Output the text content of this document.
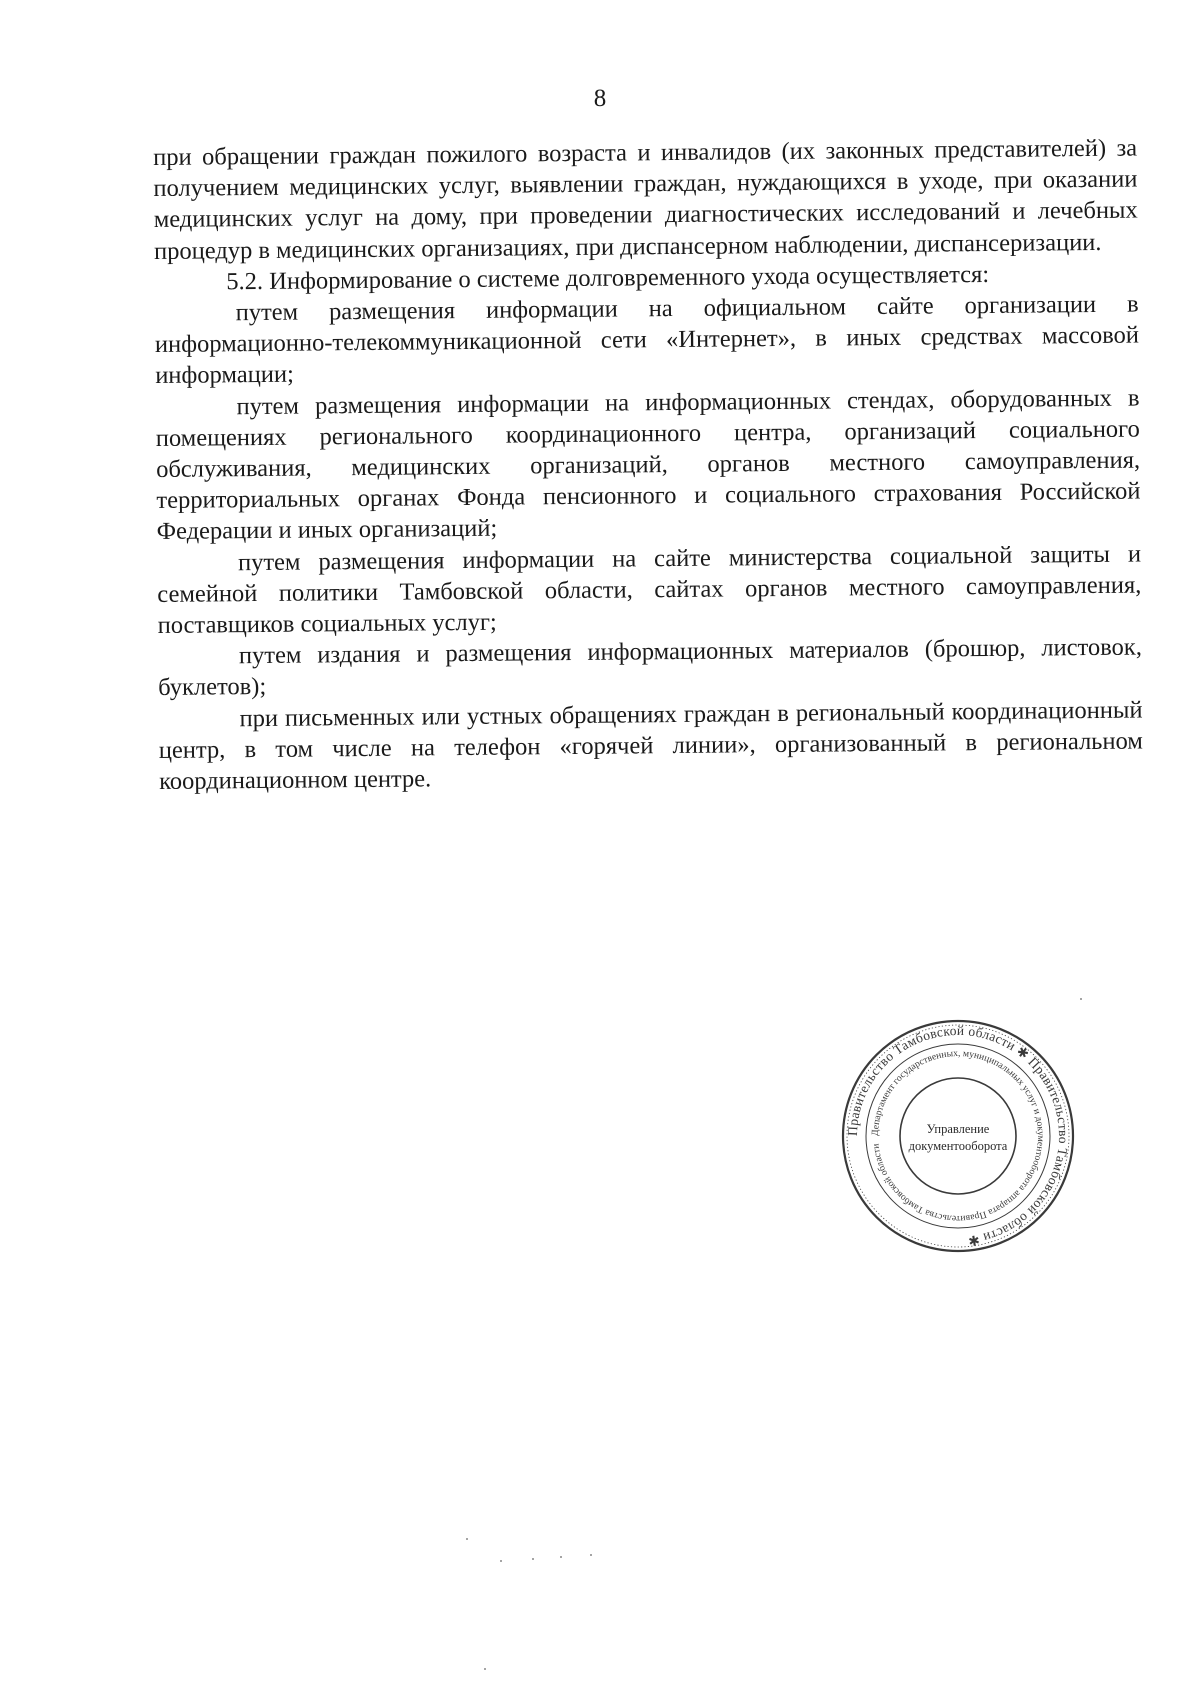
8

при обращении граждан пожилого возраста и инвалидов (их законных представителей) за получением медицинских услуг, выявлении граждан, нуждающихся в уходе, при оказании медицинских услуг на дому, при проведении диагностических исследований и лечебных процедур в медицинских организациях, при диспансерном наблюдении, диспансеризации.

5.2. Информирование о системе долговременного ухода осуществляется:

путем размещения информации на официальном сайте организации в информационно-телекоммуникационной сети «Интернет», в иных средствах массовой информации;

путем размещения информации на информационных стендах, оборудованных в помещениях регионального координационного центра, организаций социального обслуживания, медицинских организаций, органов местного самоуправления, территориальных органах Фонда пенсионного и социального страхования Российской Федерации и иных организаций;

путем размещения информации на сайте министерства социальной защиты и семейной политики Тамбовской области, сайтах органов местного самоуправления, поставщиков социальных услуг;

путем издания и размещения информационных материалов (брошюр, листовок, буклетов);

при письменных или устных обращениях граждан в региональный координационный центр, в том числе на телефон «горячей линии», организованный в региональном координационном центре.

Правительство Тамбовской области ✱ Правительство Тамбовской области ✱
Департамент государственных, муниципальных услуг и документооборота аппарата Правительства Тамбовской области
Управление
документооборота
